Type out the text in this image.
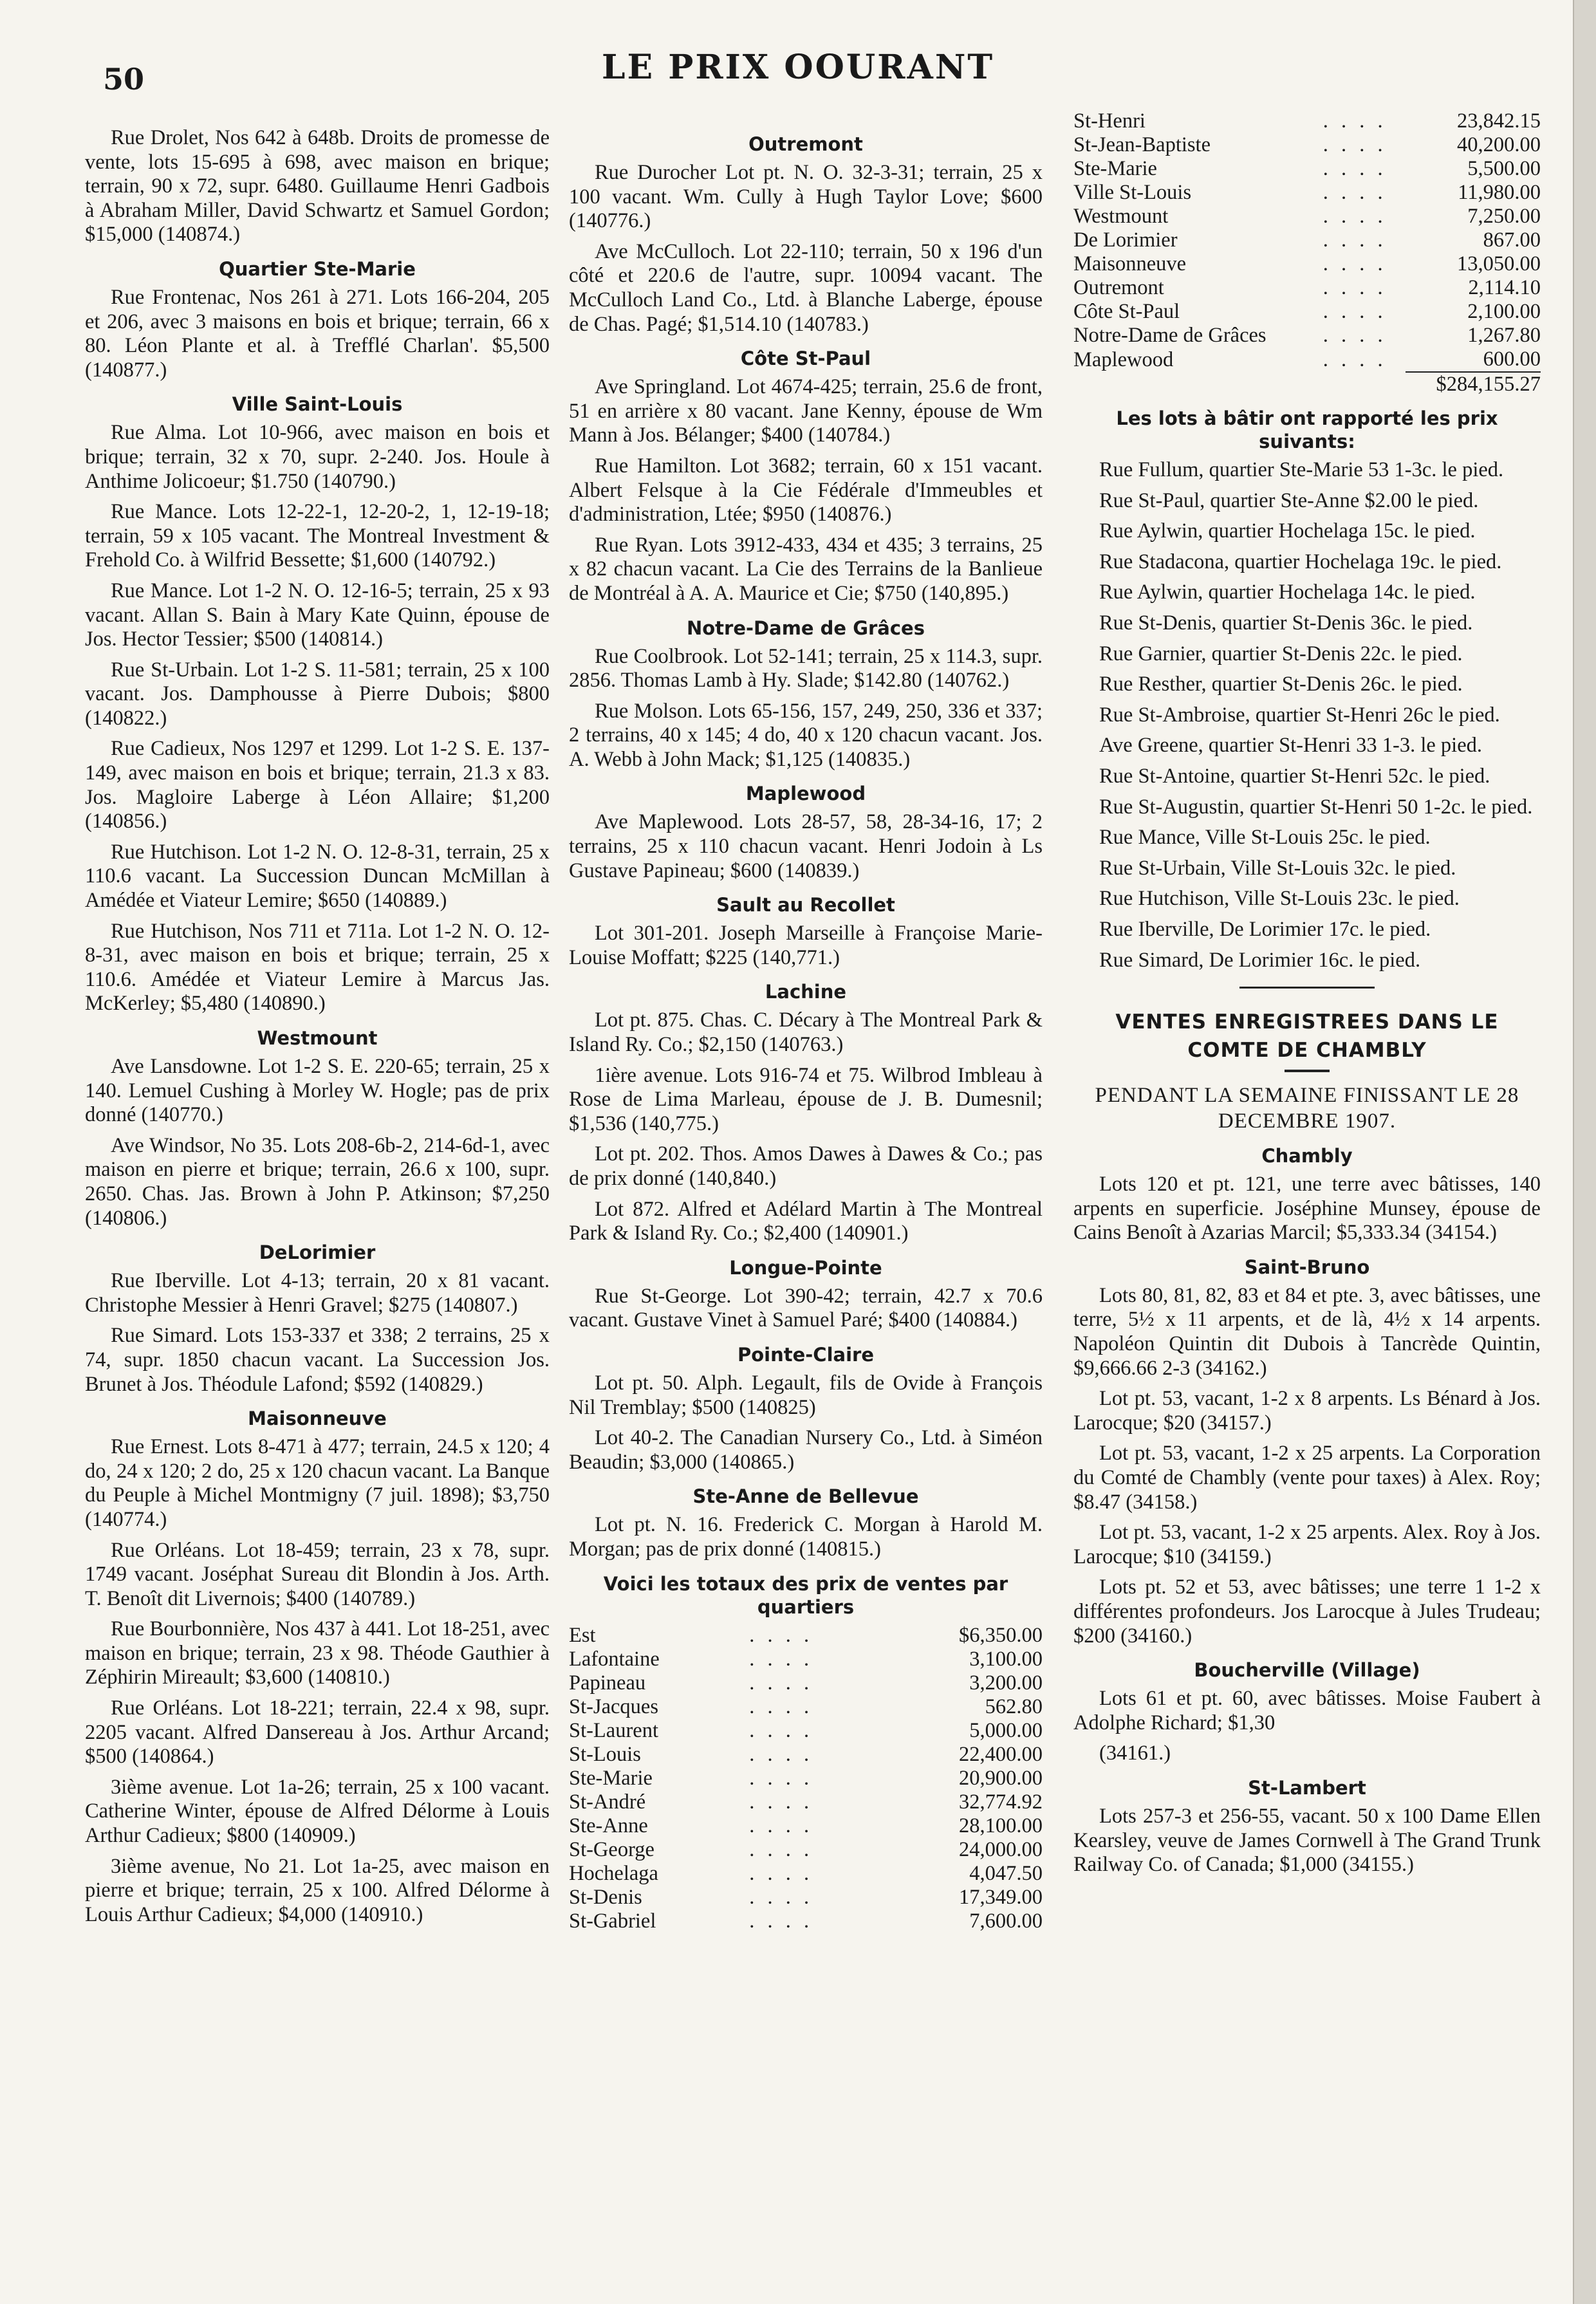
50	LE PRIX OOURANT

Rue Drolet, Nos 642 à 648b. Droits de promesse de vente, lots 15-695 à 698, avec maison en brique; terrain, 90 x 72, supr. 6480. Guillaume Henri Gadbois à Abraham Miller, David Schwartz et Samuel Gordon; $15,000 (140874.)

Quartier Ste-Marie

Rue Frontenac, Nos 261 à 271. Lots 166-204, 205 et 206, avec 3 maisons en bois et brique; terrain, 66 x 80. Léon Plante et al. à Trefflé Charlan'. $5,500 (140877.)

Ville Saint-Louis

Rue Alma. Lot 10-966, avec maison en bois et brique; terrain, 32 x 70, supr. 2-240. Jos. Houle à Anthime Jolicoeur; $1.750 (140790.)

Rue Mance. Lots 12-22-1, 12-20-2, 1, 12-19-18; terrain, 59 x 105 vacant. The Montreal Investment & Frehold Co. à Wilfrid Bessette; $1,600 (140792.)

Rue Mance. Lot 1-2 N. O. 12-16-5; terrain, 25 x 93 vacant. Allan S. Bain à Mary Kate Quinn, épouse de Jos. Hector Tessier; $500 (140814.)

Rue St-Urbain. Lot 1-2 S. 11-581; terrain, 25 x 100 vacant. Jos. Damphousse à Pierre Dubois; $800 (140822.)

Rue Cadieux, Nos 1297 et 1299. Lot 1-2 S. E. 137-149, avec maison en bois et brique; terrain, 21.3 x 83. Jos. Magloire Laberge à Léon Allaire; $1,200 (140856.)

Rue Hutchison. Lot 1-2 N. O. 12-8-31, terrain, 25 x 110.6 vacant. La Succession Duncan McMillan à Amédée et Viateur Lemire; $650 (140889.)

Rue Hutchison, Nos 711 et 711a. Lot 1-2 N. O. 12-8-31, avec maison en bois et brique; terrain, 25 x 110.6. Amédée et Viateur Lemire à Marcus Jas. McKerley; $5,480 (140890.)

Westmount

Ave Lansdowne. Lot 1-2 S. E. 220-65; terrain, 25 x 140. Lemuel Cushing à Morley W. Hogle; pas de prix donné (140770.)

Ave Windsor, No 35. Lots 208-6b-2, 214-6d-1, avec maison en pierre et brique; terrain, 26.6 x 100, supr. 2650. Chas. Jas. Brown à John P. Atkinson; $7,250 (140806.)

DeLorimier

Rue Iberville. Lot 4-13; terrain, 20 x 81 vacant. Christophe Messier à Henri Gravel; $275 (140807.)

Rue Simard. Lots 153-337 et 338; 2 terrains, 25 x 74, supr. 1850 chacun vacant. La Succession Jos. Brunet à Jos. Théodule Lafond; $592 (140829.)

Maisonneuve

Rue Ernest. Lots 8-471 à 477; terrain, 24.5 x 120; 4 do, 24 x 120; 2 do, 25 x 120 chacun vacant. La Banque du Peuple à Michel Montmigny (7 juil. 1898); $3,750 (140774.)

Rue Orléans. Lot 18-459; terrain, 23 x 78, supr. 1749 vacant. Joséphat Sureau dit Blondin à Jos. Arth. T. Benoît dit Livernois; $400 (140789.)

Rue Bourbonnière, Nos 437 à 441. Lot 18-251, avec maison en brique; terrain, 23 x 98. Théode Gauthier à Zéphirin Mireault; $3,600 (140810.)

Rue Orléans. Lot 18-221; terrain, 22.4 x 98, supr. 2205 vacant. Alfred Dansereau à Jos. Arthur Arcand; $500 (140864.)

3ième avenue. Lot 1a-26; terrain, 25 x 100 vacant. Catherine Winter, épouse de Alfred Délorme à Louis Arthur Cadieux; $800 (140909.)

3ième avenue, No 21. Lot 1a-25, avec maison en pierre et brique; terrain, 25 x 100. Alfred Délorme à Louis Arthur Cadieux; $4,000 (140910.)

Outremont

Rue Durocher Lot pt. N. O. 32-3-31; terrain, 25 x 100 vacant. Wm. Cully à Hugh Taylor Love; $600 (140776.)

Ave McCulloch. Lot 22-110; terrain, 50 x 196 d'un côté et 220.6 de l'autre, supr. 10094 vacant. The McCulloch Land Co., Ltd. à Blanche Laberge, épouse de Chas. Pagé; $1,514.10 (140783.)

Côte St-Paul

Ave Springland. Lot 4674-425; terrain, 25.6 de front, 51 en arrière x 80 vacant. Jane Kenny, épouse de Wm Mann à Jos. Bélanger; $400 (140784.)

Rue Hamilton. Lot 3682; terrain, 60 x 151 vacant. Albert Felsque à la Cie Fédérale d'Immeubles et d'administration, Ltée; $950 (140876.)

Rue Ryan. Lots 3912-433, 434 et 435; 3 terrains, 25 x 82 chacun vacant. La Cie des Terrains de la Banlieue de Montréal à A. A. Maurice et Cie; $750 (140,895.)

Notre-Dame de Grâces

Rue Coolbrook. Lot 52-141; terrain, 25 x 114.3, supr. 2856. Thomas Lamb à Hy. Slade; $142.80 (140762.)

Rue Molson. Lots 65-156, 157, 249, 250, 336 et 337; 2 terrains, 40 x 145; 4 do, 40 x 120 chacun vacant. Jos. A. Webb à John Mack; $1,125 (140835.)

Maplewood

Ave Maplewood. Lots 28-57, 58, 28-34-16, 17; 2 terrains, 25 x 110 chacun vacant. Henri Jodoin à Ls Gustave Papineau; $600 (140839.)

Sault au Recollet

Lot 301-201. Joseph Marseille à Françoise Marie-Louise Moffatt; $225 (140,771.)

Lachine

Lot pt. 875. Chas. C. Décary à The Montreal Park & Island Ry. Co.; $2,150 (140763.)

1ière avenue. Lots 916-74 et 75. Wilbrod Imbleau à Rose de Lima Marleau, épouse de J. B. Dumesnil; $1,536 (140,775.)

Lot pt. 202. Thos. Amos Dawes à Dawes & Co.; pas de prix donné (140,840.)

Lot 872. Alfred et Adélard Martin à The Montreal Park & Island Ry. Co.; $2,400 (140901.)

Longue-Pointe

Rue St-George. Lot 390-42; terrain, 42.7 x 70.6 vacant. Gustave Vinet à Samuel Paré; $400 (140884.)

Pointe-Claire

Lot pt. 50. Alph. Legault, fils de Ovide à François Nil Tremblay; $500 (140825)

Lot 40-2. The Canadian Nursery Co., Ltd. à Siméon Beaudin; $3,000 (140865.)

Ste-Anne de Bellevue

Lot pt. N. 16. Frederick C. Morgan à Harold M. Morgan; pas de prix donné (140815.)

Voici les totaux des prix de ventes par quartiers
Est	. . . .	$6,350.00
Lafontaine	. . . .	3,100.00
Papineau	. . . .	3,200.00
St-Jacques	. . . .	562.80
St-Laurent	. . . .	5,000.00
St-Louis	. . . .	22,400.00
Ste-Marie	. . . .	20,900.00
St-André	. . . .	32,774.92
Ste-Anne	. . . .	28,100.00
St-George	. . . .	24,000.00
Hochelaga	. . . .	4,047.50
St-Denis	. . . .	17,349.00
St-Gabriel	. . . .	7,600.00
St-Henri	. . . .	23,842.15
St-Jean-Baptiste	. . . .	40,200.00
Ste-Marie	. . . .	5,500.00
Ville St-Louis	. . . .	11,980.00
Westmount	. . . .	7,250.00
De Lorimier	. . . .	867.00
Maisonneuve	. . . .	13,050.00
Outremont	. . . .	2,114.10
Côte St-Paul	. . . .	2,100.00
Notre-Dame de Grâces	. . . .	1,267.80
Maplewood	. . . .	600.00
		$284,155.27
Les lots à bâtir ont rapporté les prix suivants:

Rue Fullum, quartier Ste-Marie 53 1-3c. le pied.

Rue St-Paul, quartier Ste-Anne $2.00 le pied.

Rue Aylwin, quartier Hochelaga 15c. le pied.

Rue Stadacona, quartier Hochelaga 19c. le pied.

Rue Aylwin, quartier Hochelaga 14c. le pied.

Rue St-Denis, quartier St-Denis 36c. le pied.

Rue Garnier, quartier St-Denis 22c. le pied.

Rue Resther, quartier St-Denis 26c. le pied.

Rue St-Ambroise, quartier St-Henri 26c le pied.

Ave Greene, quartier St-Henri 33 1-3. le pied.

Rue St-Antoine, quartier St-Henri 52c. le pied.

Rue St-Augustin, quartier St-Henri 50 1-2c. le pied.

Rue Mance, Ville St-Louis 25c. le pied.

Rue St-Urbain, Ville St-Louis 32c. le pied.

Rue Hutchison, Ville St-Louis 23c. le pied.

Rue Iberville, De Lorimier 17c. le pied.

Rue Simard, De Lorimier 16c. le pied.

VENTES ENREGISTREES DANS LE COMTE DE CHAMBLY
PENDANT LA SEMAINE FINISSANT LE 28 DECEMBRE 1907.
Chambly

Lots 120 et pt. 121, une terre avec bâtisses, 140 arpents en superficie. Joséphine Munsey, épouse de Cains Benoît à Azarias Marcil; $5,333.34 (34154.)

Saint-Bruno

Lots 80, 81, 82, 83 et 84 et pte. 3, avec bâtisses, une terre, 5½ x 11 arpents, et de là, 4½ x 14 arpents. Napoléon Quintin dit Dubois à Tancrède Quintin, $9,666.66 2-3 (34162.)

Lot pt. 53, vacant, 1-2 x 8 arpents. Ls Bénard à Jos. Larocque; $20 (34157.)

Lot pt. 53, vacant, 1-2 x 25 arpents. La Corporation du Comté de Chambly (vente pour taxes) à Alex. Roy; $8.47 (34158.)

Lot pt. 53, vacant, 1-2 x 25 arpents. Alex. Roy à Jos. Larocque; $10 (34159.)

Lots pt. 52 et 53, avec bâtisses; une terre 1 1-2 x différentes profondeurs. Jos Larocque à Jules Trudeau; $200 (34160.)

Boucherville (Village)

Lots 61 et pt. 60, avec bâtisses. Moise Faubert à Adolphe Richard; $1,30

(34161.)

St-Lambert

Lots 257-3 et 256-55, vacant. 50 x 100 Dame Ellen Kearsley, veuve de James Cornwell à The Grand Trunk Railway Co. of Canada; $1,000 (34155.)
